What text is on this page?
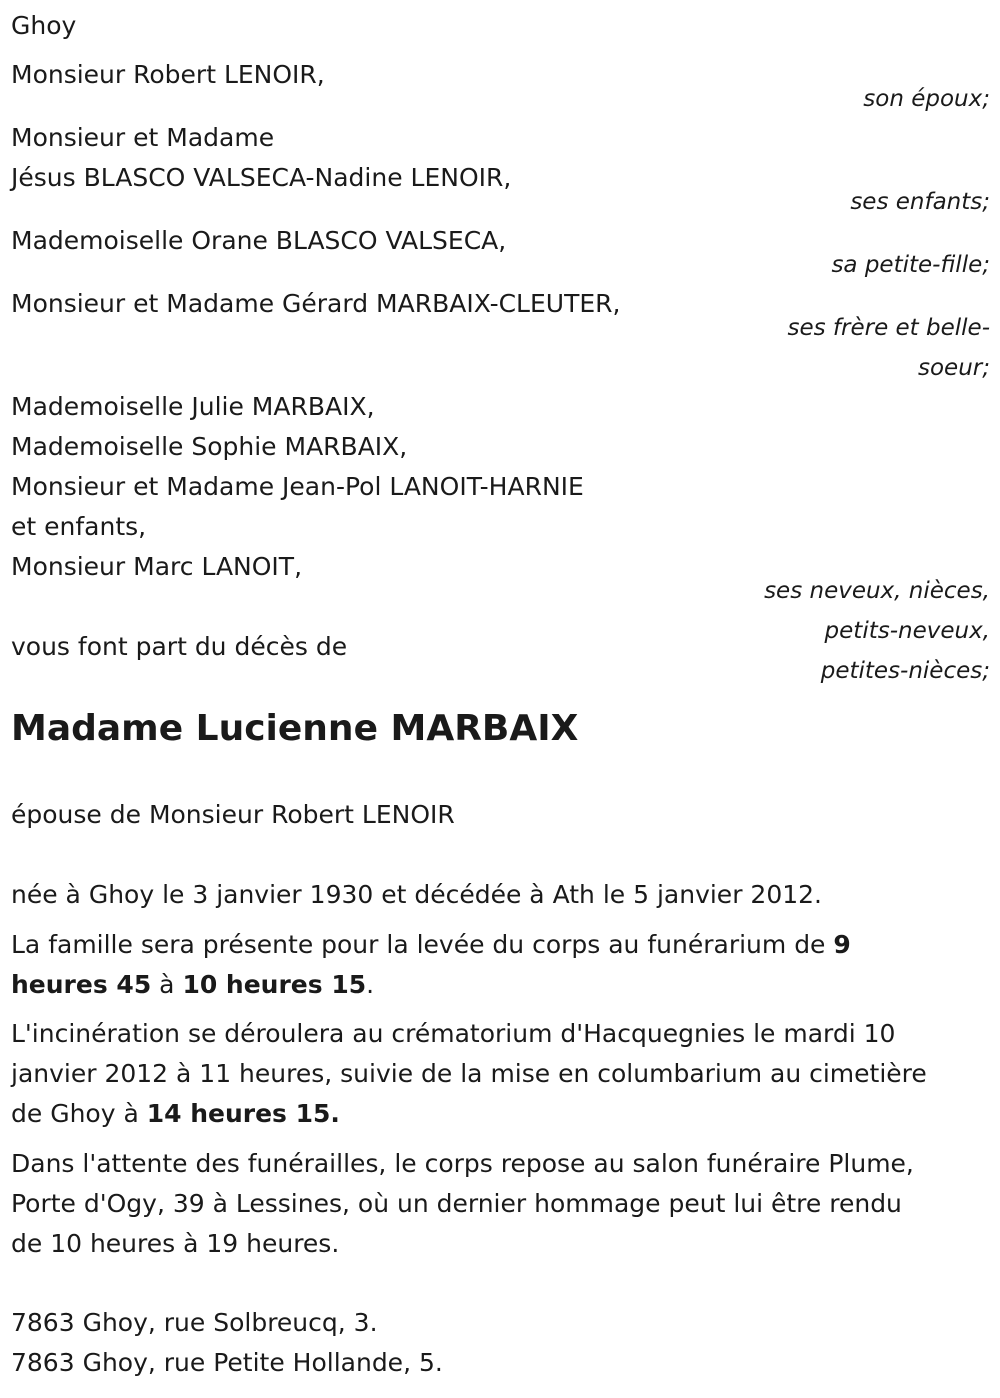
Ghoy
Monsieur Robert LENOIR,
son époux;
Monsieur et Madame
Jésus BLASCO VALSECA-Nadine LENOIR,
ses enfants;
Mademoiselle Orane BLASCO VALSECA,
sa petite-fille;
Monsieur et Madame Gérard MARBAIX-CLEUTER,
ses frère et belle-
soeur;
Mademoiselle Julie MARBAIX,
Mademoiselle Sophie MARBAIX,
Monsieur et Madame Jean-Pol LANOIT-HARNIE
et enfants,
Monsieur Marc LANOIT,
ses neveux, nièces,
petits-neveux,
petites-nièces;
vous font part du décès de
Madame Lucienne MARBAIX
épouse de Monsieur Robert LENOIR
née à Ghoy le 3 janvier 1930 et décédée à Ath le 5 janvier 2012.
La famille sera présente pour la levée du corps au funérarium de 9
heures 45 à 10 heures 15.
L'incinération se déroulera au crématorium d'Hacquegnies le mardi 10
janvier 2012 à 11 heures, suivie de la mise en columbarium au cimetière
de Ghoy à 14 heures 15.
Dans l'attente des funérailles, le corps repose au salon funéraire Plume,
Porte d'Ogy, 39 à Lessines, où un dernier hommage peut lui être rendu
de 10 heures à 19 heures.
7863 Ghoy, rue Solbreucq, 3.
7863 Ghoy, rue Petite Hollande, 5.
